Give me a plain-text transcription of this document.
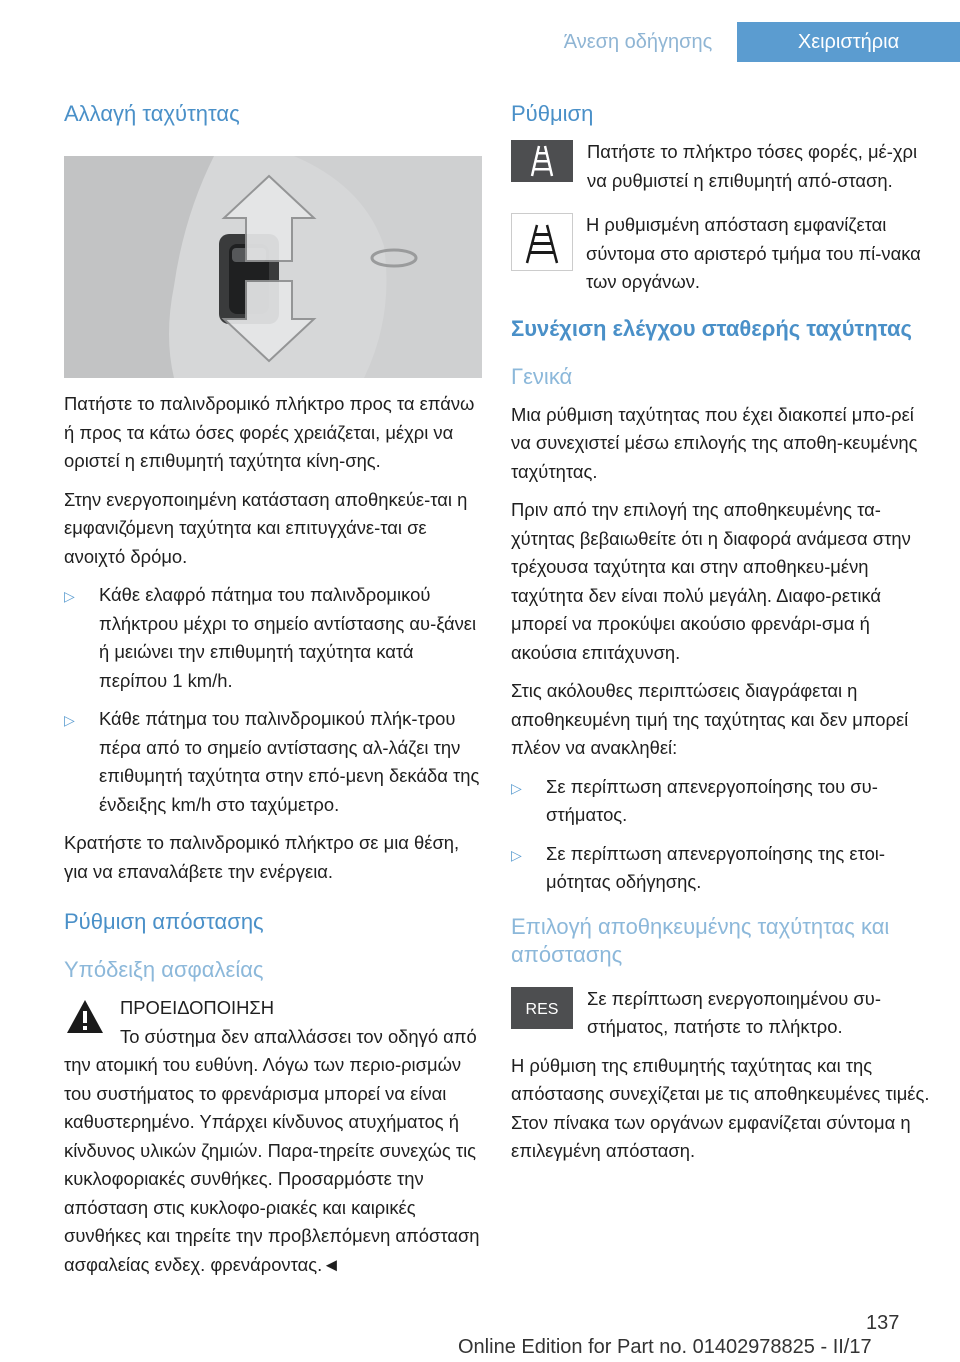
Άνεση οδήγησης	Χειριστήρια
Αλλαγή ταχύτητας

Πατήστε το παλινδρομικό πλήκτρο προς τα επάνω ή προς τα κάτω όσες φορές χρειάζεται, μέχρι να οριστεί η επιθυμητή ταχύτητα κίνη‐σης.

Στην ενεργοποιημένη κατάσταση αποθηκεύε‐ται η εμφανιζόμενη ταχύτητα και επιτυγχάνε‐ται σε ανοιχτό δρόμο.

▷ Κάθε ελαφρό πάτημα του παλινδρομικού πλήκτρου μέχρι το σημείο αντίστασης αυ‐ξάνει ή μειώνει την επιθυμητή ταχύτητα κατά περίπου 1 km/h.
▷ Κάθε πάτημα του παλινδρομικού πλήκ‐τρου πέρα από το σημείο αντίστασης αλ‐λάζει την επιθυμητή ταχύτητα στην επό‐μενη δεκάδα της ένδειξης km/h στο ταχύμετρο.

Κρατήστε το παλινδρομικό πλήκτρο σε μια θέση, για να επαναλάβετε την ενέργεια.

Ρύθμιση απόστασης
Υπόδειξη ασφαλείας
ΠΡΟΕΙΔΟΠΟΙΗΣΗ
Το σύστημα δεν απαλλάσσει τον οδηγό από την ατομική του ευθύνη. Λόγω των περιο‐ρισμών του συστήματος το φρενάρισμα μπορεί να είναι καθυστερημένο. Υπάρχει κίνδυνος ατυχήματος ή κίνδυνος υλικών ζημιών. Παρα‐τηρείτε συνεχώς τις κυκλοφοριακές συνθήκες. Προσαρμόστε την απόσταση στις κυκλοφο‐ριακές και καιρικές συνθήκες και τηρείτε την προβλεπόμενη απόσταση ασφαλείας ενδεχ. φρενάροντας.◄
Ρύθμιση
Πατήστε το πλήκτρο τόσες φορές, μέ‐χρι να ρυθμιστεί η επιθυμητή από‐σταση.
Η ρυθμισμένη απόσταση εμφανίζεται σύντομα στο αριστερό τμήμα του πί‐νακα των οργάνων.
Συνέχιση ελέγχου σταθερής ταχύτητας
Γενικά

Μια ρύθμιση ταχύτητας που έχει διακοπεί μπο‐ρεί να συνεχιστεί μέσω επιλογής της αποθη‐κευμένης ταχύτητας.

Πριν από την επιλογή της αποθηκευμένης τα‐χύτητας βεβαιωθείτε ότι η διαφορά ανάμεσα στην τρέχουσα ταχύτητα και στην αποθηκευ‐μένη ταχύτητα δεν είναι πολύ μεγάλη. Διαφο‐ρετικά μπορεί να προκύψει ακούσιο φρενάρι‐σμα ή ακούσια επιτάχυνση.

Στις ακόλουθες περιπτώσεις διαγράφεται η αποθηκευμένη τιμή της ταχύτητας και δεν μπορεί πλέον να ανακληθεί:

▷ Σε περίπτωση απενεργοποίησης του συ‐στήματος.
▷ Σε περίπτωση απενεργοποίησης της ετοι‐μότητας οδήγησης.
Επιλογή αποθηκευμένης ταχύτητας και απόστασης
RES
Σε περίπτωση ενεργοποιημένου συ‐στήματος, πατήστε το πλήκτρο.

Η ρύθμιση της επιθυμητής ταχύτητας και της απόστασης συνεχίζεται με τις αποθηκευμένες τιμές. Στον πίνακα των οργάνων εμφανίζεται σύντομα η επιλεγμένη απόσταση.

137
Online Edition for Part no. 01402978825 - II/17
